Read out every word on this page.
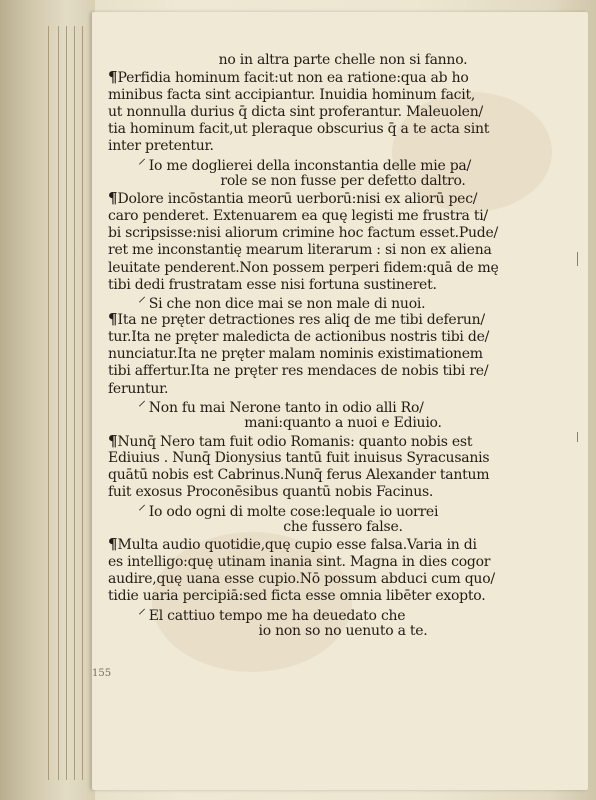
no in altra parte chelle non si fanno.
¶Perfidia hominum facit:ut non ea ratione:qua ab ho
minibus facta sint accipiantur. Inuidia hominum facit,
ut nonnulla durius q̄ dicta sint proferantur. Maleuolen/
tia hominum facit,ut pleraque obscurius q̄ a te acta sint
inter pretentur.
⸍ Io me doglierei della inconstantia delle mie pa/
role se non fusse per defetto daltro.
¶Dolore incōstantia meorū uerborū:nisi ex aliorū pec/
caro penderet. Extenuarem ea quę legisti me frustra ti/
bi scripsisse:nisi aliorum crimine hoc factum esset.Pude/
ret me inconstantię mearum literarum : si non ex aliena
leuitate penderent.Non possem perperi fidem:quā de mę
tibi dedi frustratam esse nisi fortuna sustineret.
⸍ Si che non dice mai se non male di nuoi.
¶Ita ne pręter detractiones res aliq de me tibi deferun/
tur.Ita ne pręter maledicta de actionibus nostris tibi de/
nunciatur.Ita ne pręter malam nominis existimationem
tibi affertur.Ita ne pręter res mendaces de nobis tibi re/
feruntur.
⸍ Non fu mai Nerone tanto in odio alli Ro/
mani:quanto a nuoi e Ediuio.
¶Nunq̄ Nero tam fuit odio Romanis: quanto nobis est
Ediuius . Nunq̄ Dionysius tantū fuit inuisus Syracusanis
quātū nobis est Cabrinus.Nunq̄ ferus Alexander tantum
fuit exosus Proconēsibus quantū nobis Facinus.
⸍ Io odo ogni di molte cose:lequale io uorrei
che fussero false.
¶Multa audio quotidie,quę cupio esse falsa.Varia in di
es intelligo:quę utinam inania sint. Magna in dies cogor
audire,quę uana esse cupio.Nō possum abduci cum quo/
tidie uaria percipiā:sed ficta esse omnia libēter exopto.
⸍ El cattiuo tempo me ha deuedato che
io non so no uenuto a te.
155
